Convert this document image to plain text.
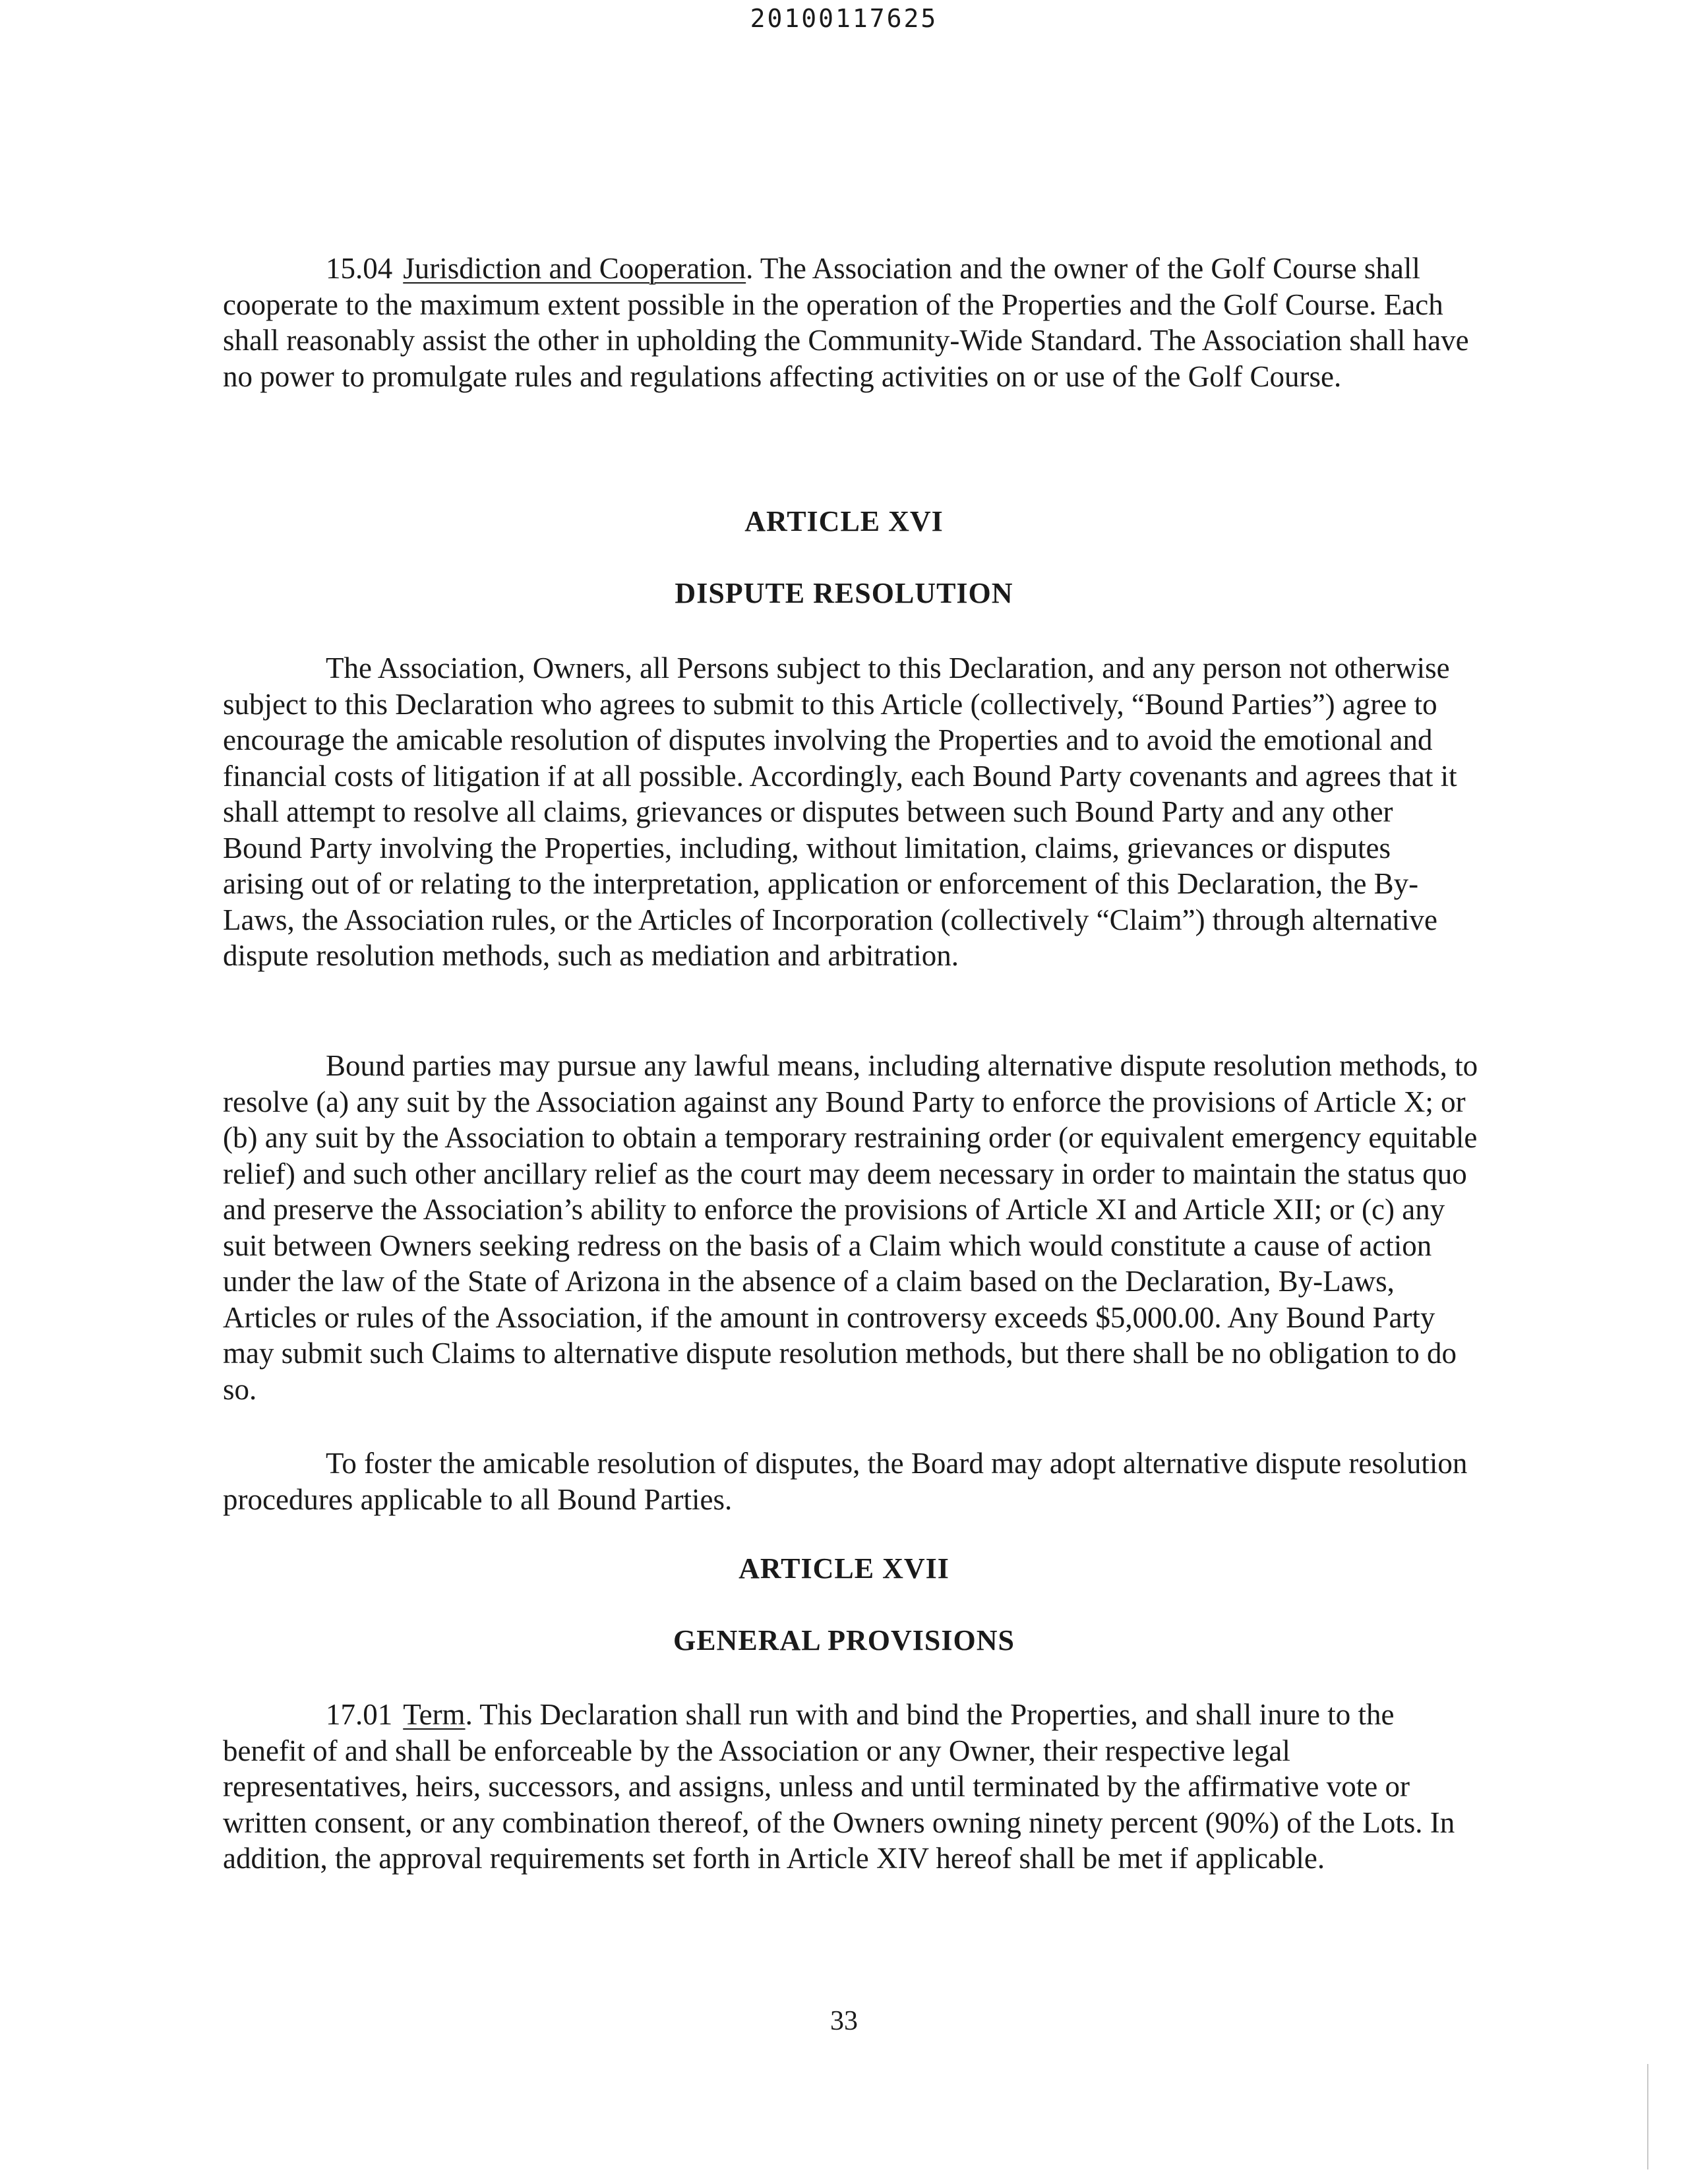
20100117625

15.04 Jurisdiction and Cooperation. The Association and the owner of the Golf Course shall cooperate to the maximum extent possible in the operation of the Properties and the Golf Course. Each shall reasonably assist the other in upholding the Community-Wide Standard. The Association shall have no power to promulgate rules and regulations affecting activities on or use of the Golf Course.

ARTICLE XVI
DISPUTE RESOLUTION

The Association, Owners, all Persons subject to this Declaration, and any person not otherwise subject to this Declaration who agrees to submit to this Article (collectively, “Bound Parties”) agree to encourage the amicable resolution of disputes involving the Properties and to avoid the emotional and financial costs of litigation if at all possible. Accordingly, each Bound Party covenants and agrees that it shall attempt to resolve all claims, grievances or disputes between such Bound Party and any other Bound Party involving the Properties, including, without limitation, claims, grievances or disputes arising out of or relating to the interpretation, application or enforcement of this Declaration, the By-Laws, the Association rules, or the Articles of Incorporation (collectively “Claim”) through alternative dispute resolution methods, such as mediation and arbitration.

Bound parties may pursue any lawful means, including alternative dispute resolution methods, to resolve (a) any suit by the Association against any Bound Party to enforce the provisions of Article X; or (b) any suit by the Association to obtain a temporary restraining order (or equivalent emergency equitable relief) and such other ancillary relief as the court may deem necessary in order to maintain the status quo and preserve the Association’s ability to enforce the provisions of Article XI and Article XII; or (c) any suit between Owners seeking redress on the basis of a Claim which would constitute a cause of action under the law of the State of Arizona in the absence of a claim based on the Declaration, By-Laws, Articles or rules of the Association, if the amount in controversy exceeds $5,000.00. Any Bound Party may submit such Claims to alternative dispute resolution methods, but there shall be no obligation to do so.

To foster the amicable resolution of disputes, the Board may adopt alternative dispute resolution procedures applicable to all Bound Parties.

ARTICLE XVII
GENERAL PROVISIONS

17.01 Term. This Declaration shall run with and bind the Properties, and shall inure to the benefit of and shall be enforceable by the Association or any Owner, their respective legal representatives, heirs, successors, and assigns, unless and until terminated by the affirmative vote or written consent, or any combination thereof, of the Owners owning ninety percent (90%) of the Lots. In addition, the approval requirements set forth in Article XIV hereof shall be met if applicable.

33
